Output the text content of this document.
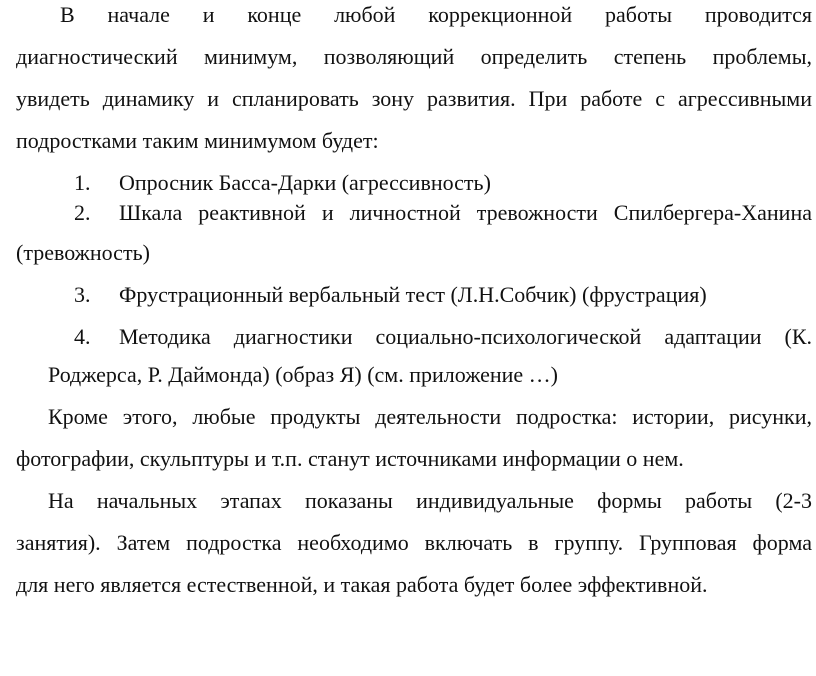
В начале и конце любой коррекционной работы проводится
диагностический минимум, позволяющий определить степень проблемы,
увидеть динамику и спланировать зону развития. При работе с агрессивными
подростками таким минимумом будет:
1. Опросник Басса-Дарки (агрессивность)
2. Шкала реактивной и личностной тревожности Спилбергера-Ханина
(тревожность)
3. Фрустрационный вербальный тест (Л.Н.Собчик) (фрустрация)
4. Методика диагностики социально-психологической адаптации (К.
Роджерса, Р. Даймонда) (образ Я) (см. приложение …)
Кроме этого, любые продукты деятельности подростка: истории, рисунки,
фотографии, скульптуры и т.п. станут источниками информации о нем.
На начальных этапах показаны индивидуальные формы работы (2-3
занятия). Затем подростка необходимо включать в группу. Групповая форма
для него является естественной, и такая работа будет более эффективной.
